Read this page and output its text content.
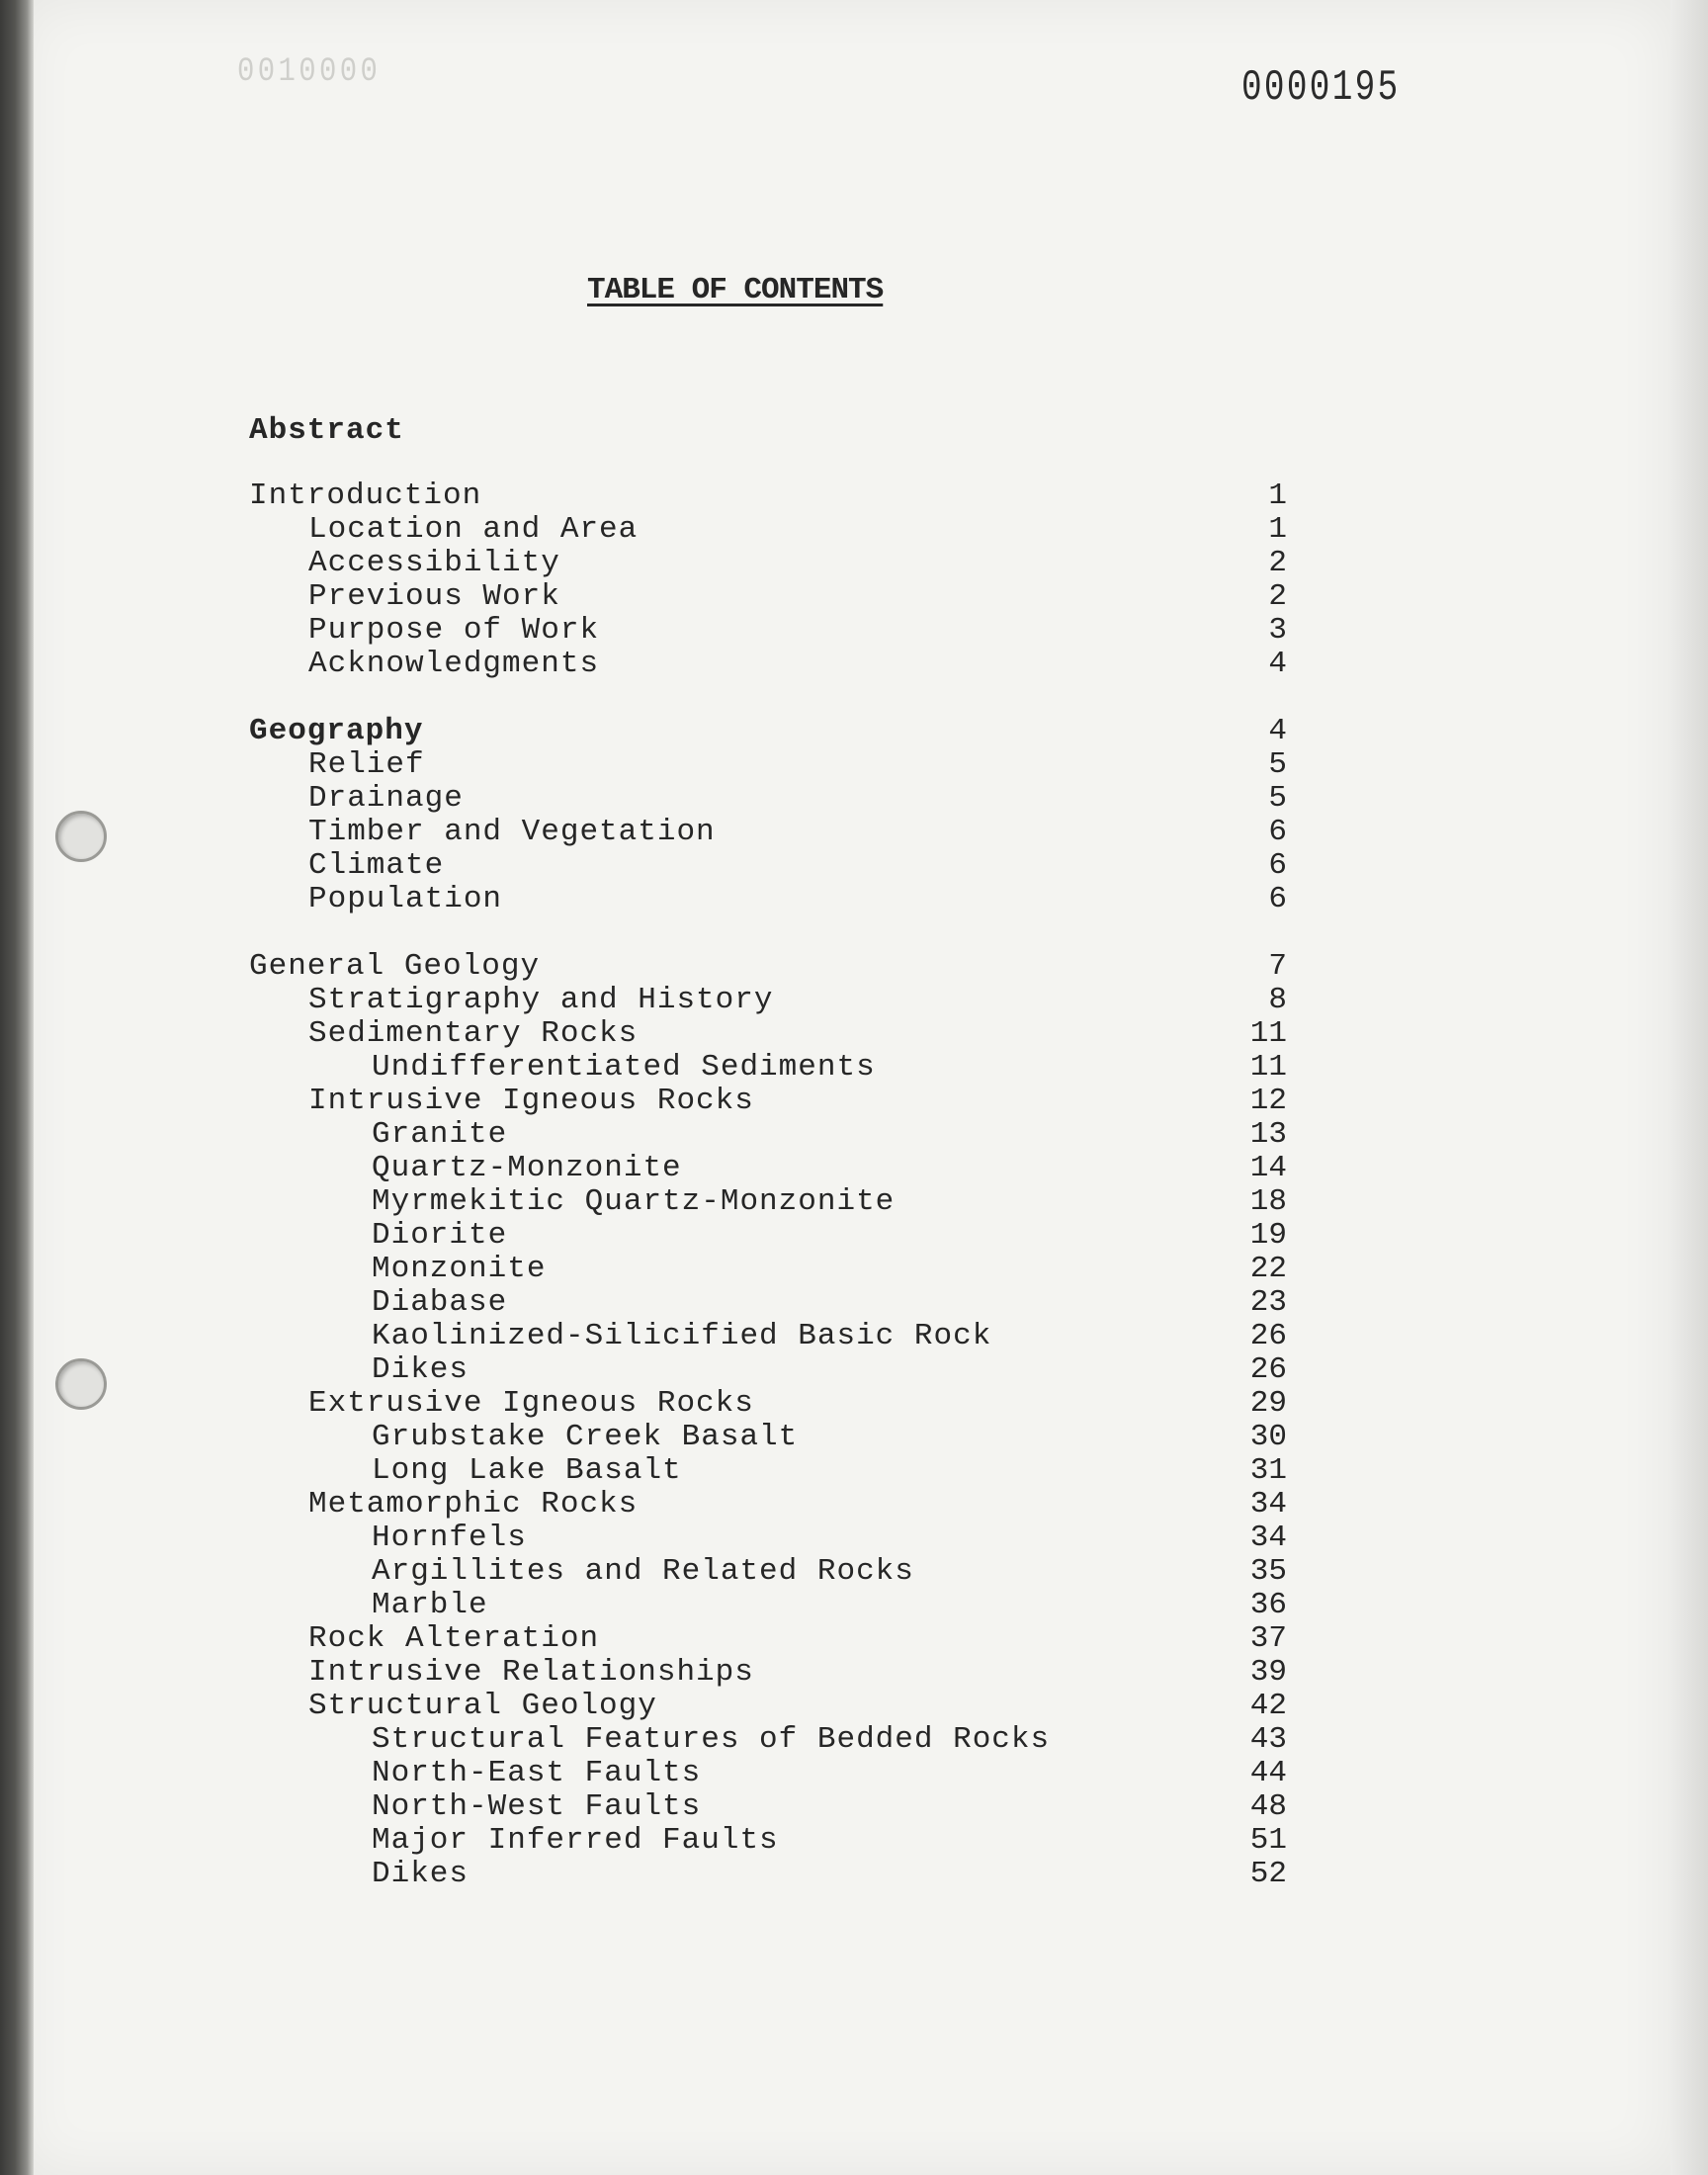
0010000	0000195
TABLE OF CONTENTS
Abstract
Introduction	1
Location and Area	1
Accessibility	2
Previous Work	2
Purpose of Work	3
Acknowledgments	4
Geography	4
Relief	5
Drainage	5
Timber and Vegetation	6
Climate	6
Population	6
General Geology	7
Stratigraphy and History	8
Sedimentary Rocks	11
Undifferentiated Sediments	11
Intrusive Igneous Rocks	12
Granite	13
Quartz-Monzonite	14
Myrmekitic Quartz-Monzonite	18
Diorite	19
Monzonite	22
Diabase	23
Kaolinized-Silicified Basic Rock	26
Dikes	26
Extrusive Igneous Rocks	29
Grubstake Creek Basalt	30
Long Lake Basalt	31
Metamorphic Rocks	34
Hornfels	34
Argillites and Related Rocks	35
Marble	36
Rock Alteration	37
Intrusive Relationships	39
Structural Geology	42
Structural Features of Bedded Rocks	43
North-East Faults	44
North-West Faults	48
Major Inferred Faults	51
Dikes	52
